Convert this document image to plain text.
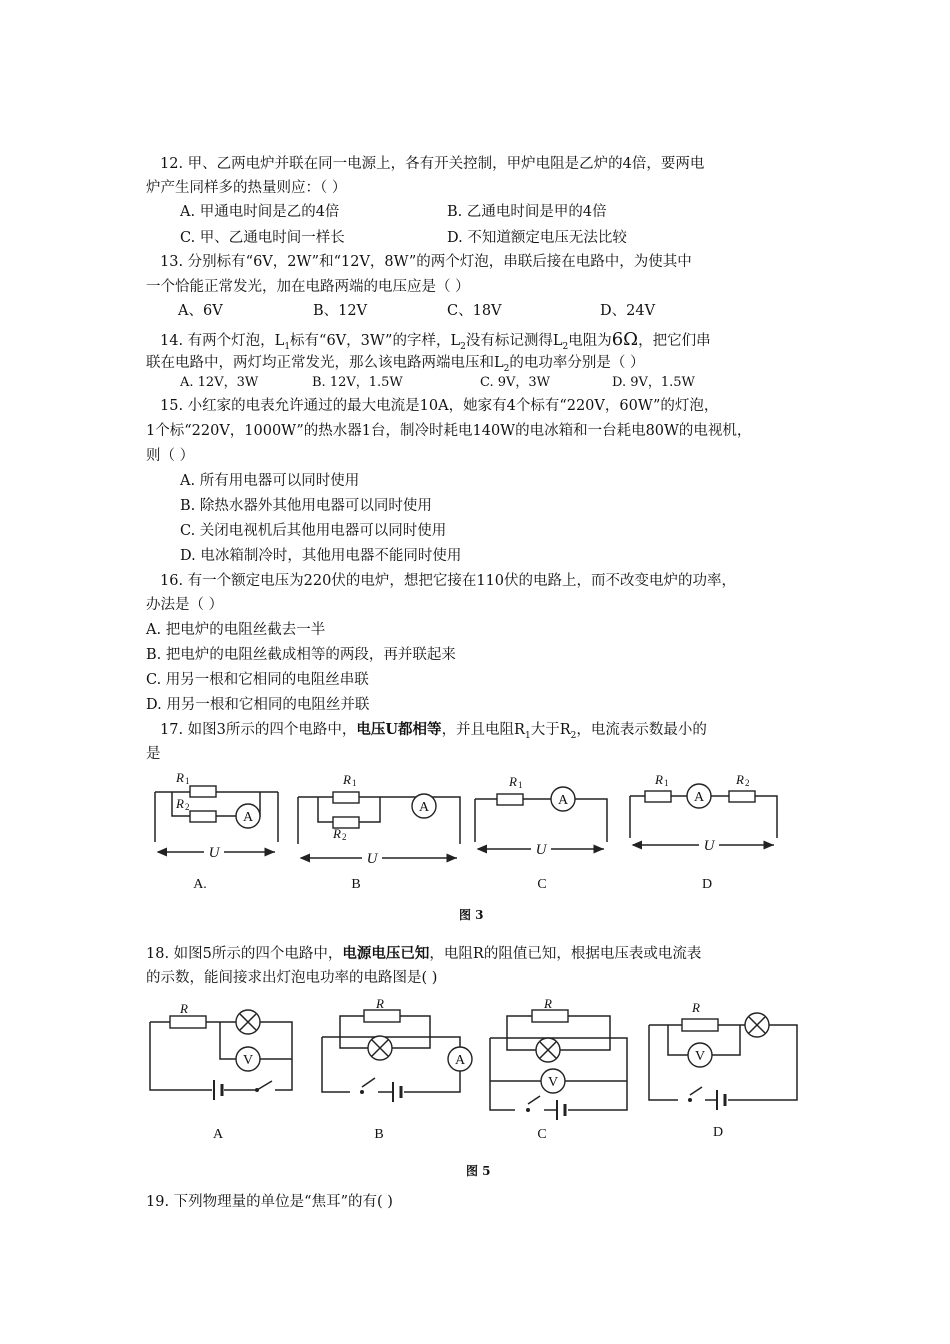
12. 甲、乙两电炉并联在同一电源上，各有开关控制，甲炉电阻是乙炉的4倍，要两电
炉产生同样多的热量则应：（ ）
A. 甲通电时间是乙的4倍	B. 乙通电时间是甲的4倍
C. 甲、乙通电时间一样长	D. 不知道额定电压无法比较
13. 分别标有“6V，2W”和“12V，8W”的两个灯泡，串联后接在电路中，为使其中
一个恰能正常发光，加在电路两端的电压应是（ ）
A、6V	B、12V	C、18V	D、24V
14. 有两个灯泡，$L_1$标有“6V，3W”的字样，$L_2$没有标记测得$L_2$电阻为6Ω，把它们串
联在电路中，两灯均正常发光，那么该电路两端电压和$L_2$的电功率分别是（ ）
A. 12V，3W	B. 12V，1.5W	C. 9V，3W	D. 9V，1.5W
15. 小红家的电表允许通过的最大电流是10A，她家有4个标有“220V，60W”的灯泡，
1个标“220V，1000W”的热水器1台，制冷时耗电140W的电冰箱和一台耗电80W的电视机，
则（ ）
A. 所有用电器可以同时使用
B. 除热水器外其他用电器可以同时使用
C. 关闭电视机后其他用电器可以同时使用
D. 电冰箱制冷时，其他用电器不能同时使用
16. 有一个额定电压为220伏的电炉，想把它接在110伏的电路上，而不改变电炉的功率，
办法是（ ）
A. 把电炉的电阻丝截去一半
B. 把电炉的电阻丝截成相等的两段，再并联起来
C. 用另一根和它相同的电阻丝串联
D. 用另一根和它相同的电阻丝并联
17. 如图3所示的四个电路中，电压U都相等，并且电阻$R_1$大于$R_2$，电流表示数最小的
是
A
R 1
R 2
U
A.
A
R 1
R 2
U
B
A
R 1
U
C
A
R 1	R 2
U
D
图 3
18. 如图5所示的四个电路中，电源电压已知，电阻R的阻值已知，根据电压表或电流表
的示数，能间接求出灯泡电功率的电路图是( )
R
V
A
R
A
B
R
V
C
R
V
D
图 5
19. 下列物理量的单位是“焦耳”的有( )
